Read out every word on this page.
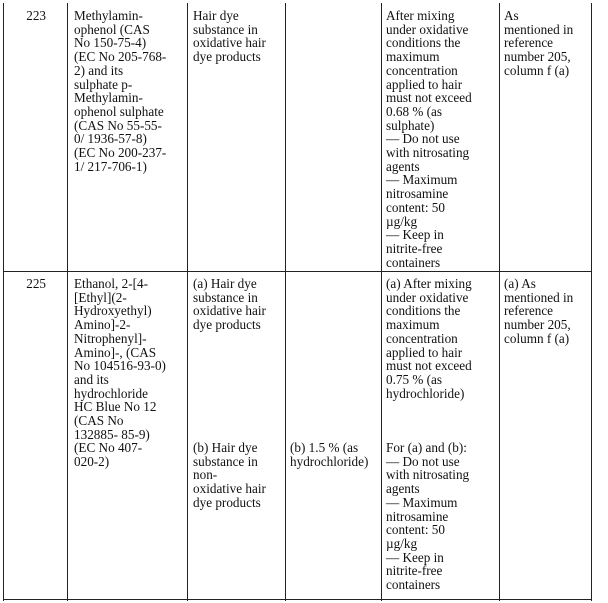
223 Methylamin-
ophenol (CAS
No 150-75-4)
(EC No 205-768-
2) and its
sulphate p-
Methylamin-
ophenol sulphate
(CAS No 55-55-
0/ 1936-57-8)
(EC No 200-237-
1/ 217-706-1)
Hair dye
substance in
oxidative hair
dye products
After mixing
under oxidative
conditions the
maximum
concentration
applied to hair
must not exceed
0.68 % (as
sulphate)
— Do not use
with nitrosating
agents
— Maximum
nitrosamine
content: 50
µg/kg
— Keep in
nitrite-free
containers
As
mentioned in
reference
number 205,
column f (a)
225 Ethanol, 2-[4-
[Ethyl](2-
Hydroxyethyl)
Amino]-2-
Nitrophenyl]-
Amino]-, (CAS
No 104516-93-0)
and its
hydrochloride
HC Blue No 12
(CAS No
132885- 85-9)
(EC No 407-
020-2)
(a) Hair dye
substance in
oxidative hair
dye products
(b) Hair dye
substance in
non-
oxidative hair
dye products
(b) 1.5 % (as
hydrochloride)
(a) After mixing
under oxidative
conditions the
maximum
concentration
applied to hair
must not exceed
0.75 % (as
hydrochloride)
For (a) and (b):
— Do not use
with nitrosating
agents
— Maximum
nitrosamine
content: 50
µg/kg
— Keep in
nitrite-free
containers
(a) As
mentioned in
reference
number 205,
column f (a)
